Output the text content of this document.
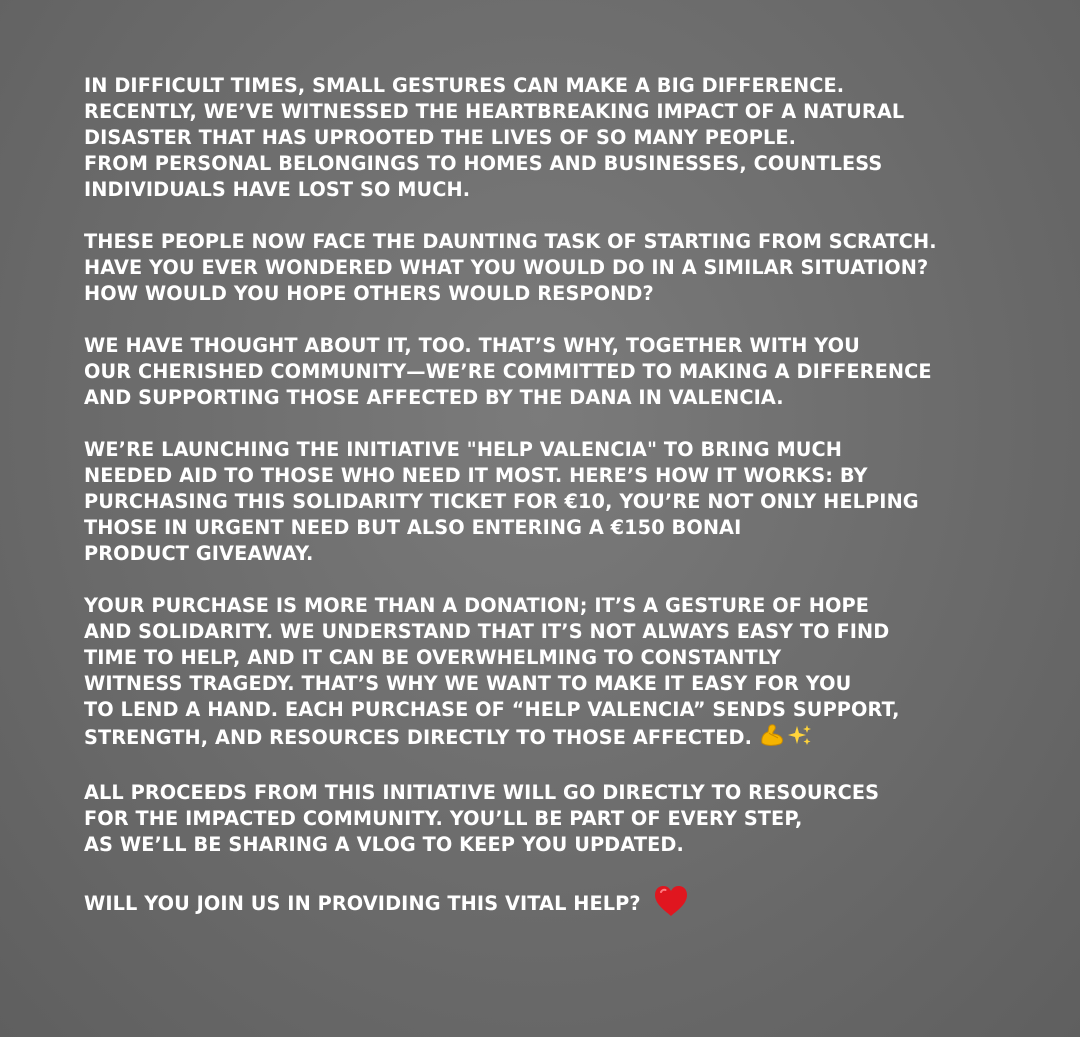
IN DIFFICULT TIMES, SMALL GESTURES CAN MAKE A BIG DIFFERENCE.
RECENTLY, WE’VE WITNESSED THE HEARTBREAKING IMPACT OF A NATURAL
DISASTER THAT HAS UPROOTED THE LIVES OF SO MANY PEOPLE.
FROM PERSONAL BELONGINGS TO HOMES AND BUSINESSES, COUNTLESS
INDIVIDUALS HAVE LOST SO MUCH.

THESE PEOPLE NOW FACE THE DAUNTING TASK OF STARTING FROM SCRATCH.
HAVE YOU EVER WONDERED WHAT YOU WOULD DO IN A SIMILAR SITUATION?
HOW WOULD YOU HOPE OTHERS WOULD RESPOND?

WE HAVE THOUGHT ABOUT IT, TOO. THAT’S WHY, TOGETHER WITH YOU
OUR CHERISHED COMMUNITY—WE’RE COMMITTED TO MAKING A DIFFERENCE
AND SUPPORTING THOSE AFFECTED BY THE DANA IN VALENCIA.

WE’RE LAUNCHING THE INITIATIVE "HELP VALENCIA" TO BRING MUCH
NEEDED AID TO THOSE WHO NEED IT MOST. HERE’S HOW IT WORKS: BY
PURCHASING THIS SOLIDARITY TICKET FOR €10, YOU’RE NOT ONLY HELPING
THOSE IN URGENT NEED BUT ALSO ENTERING A €150 BONAI
PRODUCT GIVEAWAY.

YOUR PURCHASE IS MORE THAN A DONATION; IT’S A GESTURE OF HOPE
AND SOLIDARITY. WE UNDERSTAND THAT IT’S NOT ALWAYS EASY TO FIND
TIME TO HELP, AND IT CAN BE OVERWHELMING TO CONSTANTLY
WITNESS TRAGEDY. THAT’S WHY WE WANT TO MAKE IT EASY FOR YOU
TO LEND A HAND. EACH PURCHASE OF “HELP VALENCIA” SENDS SUPPORT,
STRENGTH, AND RESOURCES DIRECTLY TO THOSE AFFECTED.

ALL PROCEEDS FROM THIS INITIATIVE WILL GO DIRECTLY TO RESOURCES
FOR THE IMPACTED COMMUNITY. YOU’LL BE PART OF EVERY STEP,
AS WE’LL BE SHARING A VLOG TO KEEP YOU UPDATED.

WILL YOU JOIN US IN PROVIDING THIS VITAL HELP?
